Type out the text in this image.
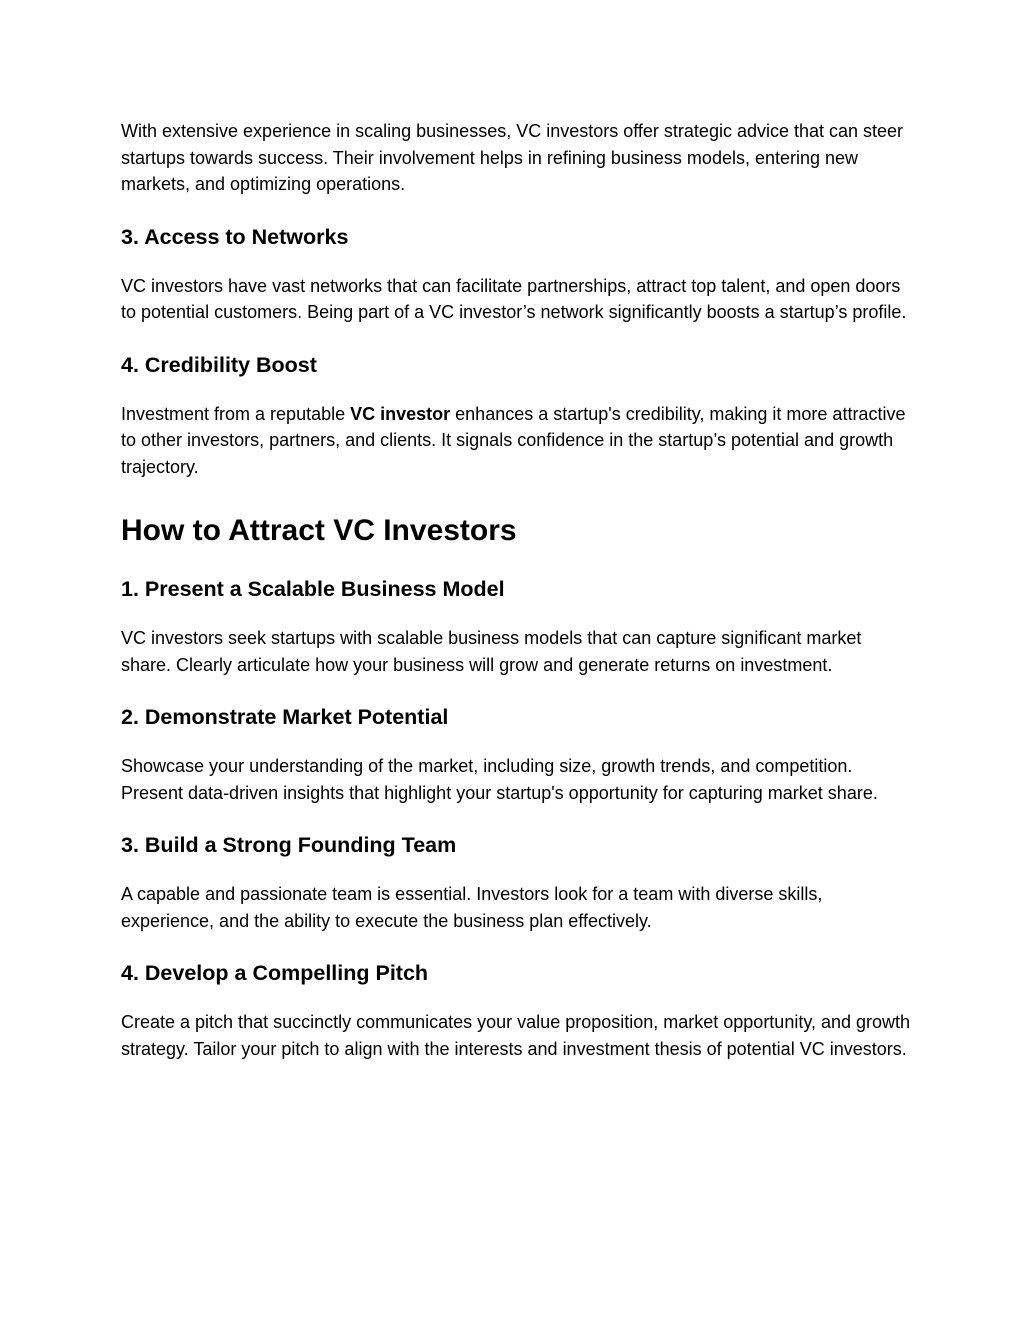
With extensive experience in scaling businesses, VC investors offer strategic advice that can steer startups towards success. Their involvement helps in refining business models, entering new markets, and optimizing operations.

3. Access to Networks

VC investors have vast networks that can facilitate partnerships, attract top talent, and open doors to potential customers. Being part of a VC investor’s network significantly boosts a startup’s profile.

4. Credibility Boost

Investment from a reputable VC investor enhances a startup's credibility, making it more attractive to other investors, partners, and clients. It signals confidence in the startup’s potential and growth trajectory.

How to Attract VC Investors
1. Present a Scalable Business Model

VC investors seek startups with scalable business models that can capture significant market share. Clearly articulate how your business will grow and generate returns on investment.

2. Demonstrate Market Potential

Showcase your understanding of the market, including size, growth trends, and competition. Present data-driven insights that highlight your startup's opportunity for capturing market share.

3. Build a Strong Founding Team

A capable and passionate team is essential. Investors look for a team with diverse skills, experience, and the ability to execute the business plan effectively.

4. Develop a Compelling Pitch

Create a pitch that succinctly communicates your value proposition, market opportunity, and growth strategy. Tailor your pitch to align with the interests and investment thesis of potential VC investors.
